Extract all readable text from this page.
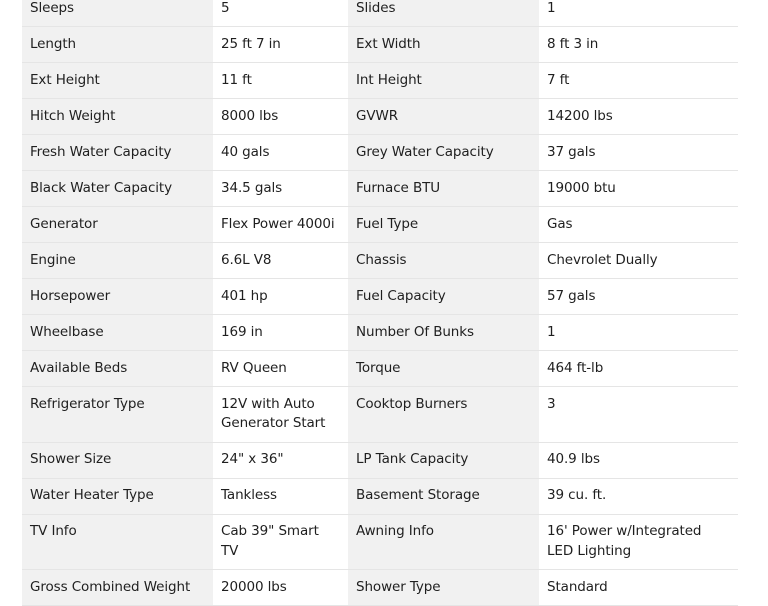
Sleeps	5	Slides	1
Length	25 ft 7 in	Ext Width	8 ft 3 in
Ext Height	11 ft	Int Height	7 ft
Hitch Weight	8000 lbs	GVWR	14200 lbs
Fresh Water Capacity	40 gals	Grey Water Capacity	37 gals
Black Water Capacity	34.5 gals	Furnace BTU	19000 btu
Generator	Flex Power 4000i	Fuel Type	Gas
Engine	6.6L V8	Chassis	Chevrolet Dually
Horsepower	401 hp	Fuel Capacity	57 gals
Wheelbase	169 in	Number Of Bunks	1
Available Beds	RV Queen	Torque	464 ft-lb
Refrigerator Type	12V with Auto Generator Start	Cooktop Burners	3
Shower Size	24" x 36"	LP Tank Capacity	40.9 lbs
Water Heater Type	Tankless	Basement Storage	39 cu. ft.
TV Info	Cab 39" Smart TV	Awning Info	16' Power w/Integrated LED Lighting
Gross Combined Weight	20000 lbs	Shower Type	Standard
